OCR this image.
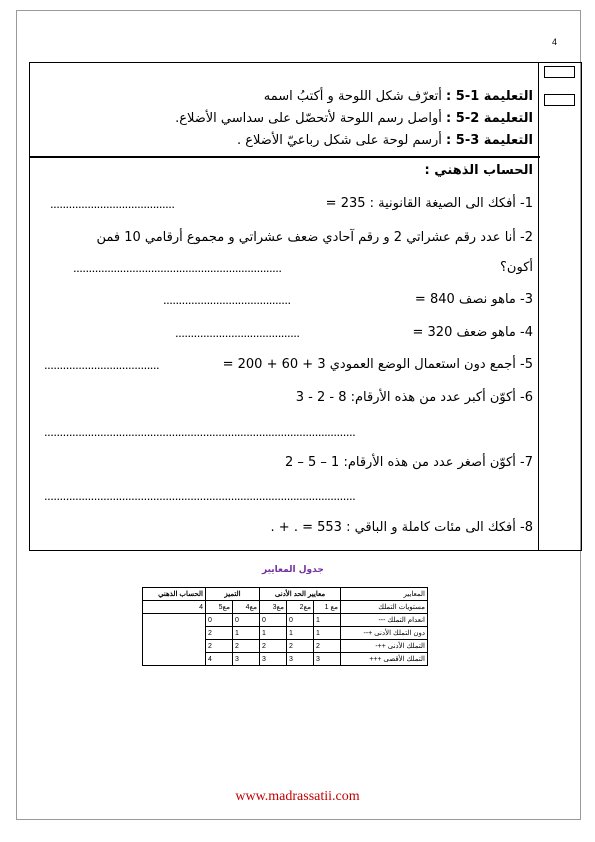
4
التعليمة 1-5 : أتعرّف شكل اللوحة و أكتبُ اسمه
التعليمة 2-5 : أواصل رسم اللوحة لأتحصّل على سداسي الأضلاع.
التعليمة 3-5 : أرسم لوحة على شكل رباعيّ الأضلاع .
الحساب الذهني :
1- أفكك الى الصيغة القانونية : 235 =
........................................
2- أنا عدد رقم عشراتي 2 و رقم آحادي ضعف عشراتي و مجموع أرقامي 10 فمن
أكون؟
...................................................................
3- ماهو نصف 840 =
.........................................
4- ماهو ضعف 320 =
........................................
5- أجمع دون استعمال الوضع العمودي 3 + 60 + 200 =
.....................................
6- أكوّن أكبر عدد من هذه الأرقام: 8 - 2 - 3
....................................................................................................
7- أكوّن أصغر عدد من هذه الأرقام: 1 – 5 – 2
....................................................................................................
8- أفكك الى مئات كاملة و الباقي : 553 = . + .
جدول المعايير
المعايير	معايير الحد الأدنى			التميز		الحساب الذهني
مستويات التملك	مع 1	مع2	مع3	مع4	مع5	4
انعدام التملك ---	1	0	0	0	0	
دون التملك الأدنى +--	1	1	1	1	2	
التملك الأدنى ++-	2	2	2	2	2	
التملك الأقصى +++	3	3	3	3	4	
www.madrassatii.com
